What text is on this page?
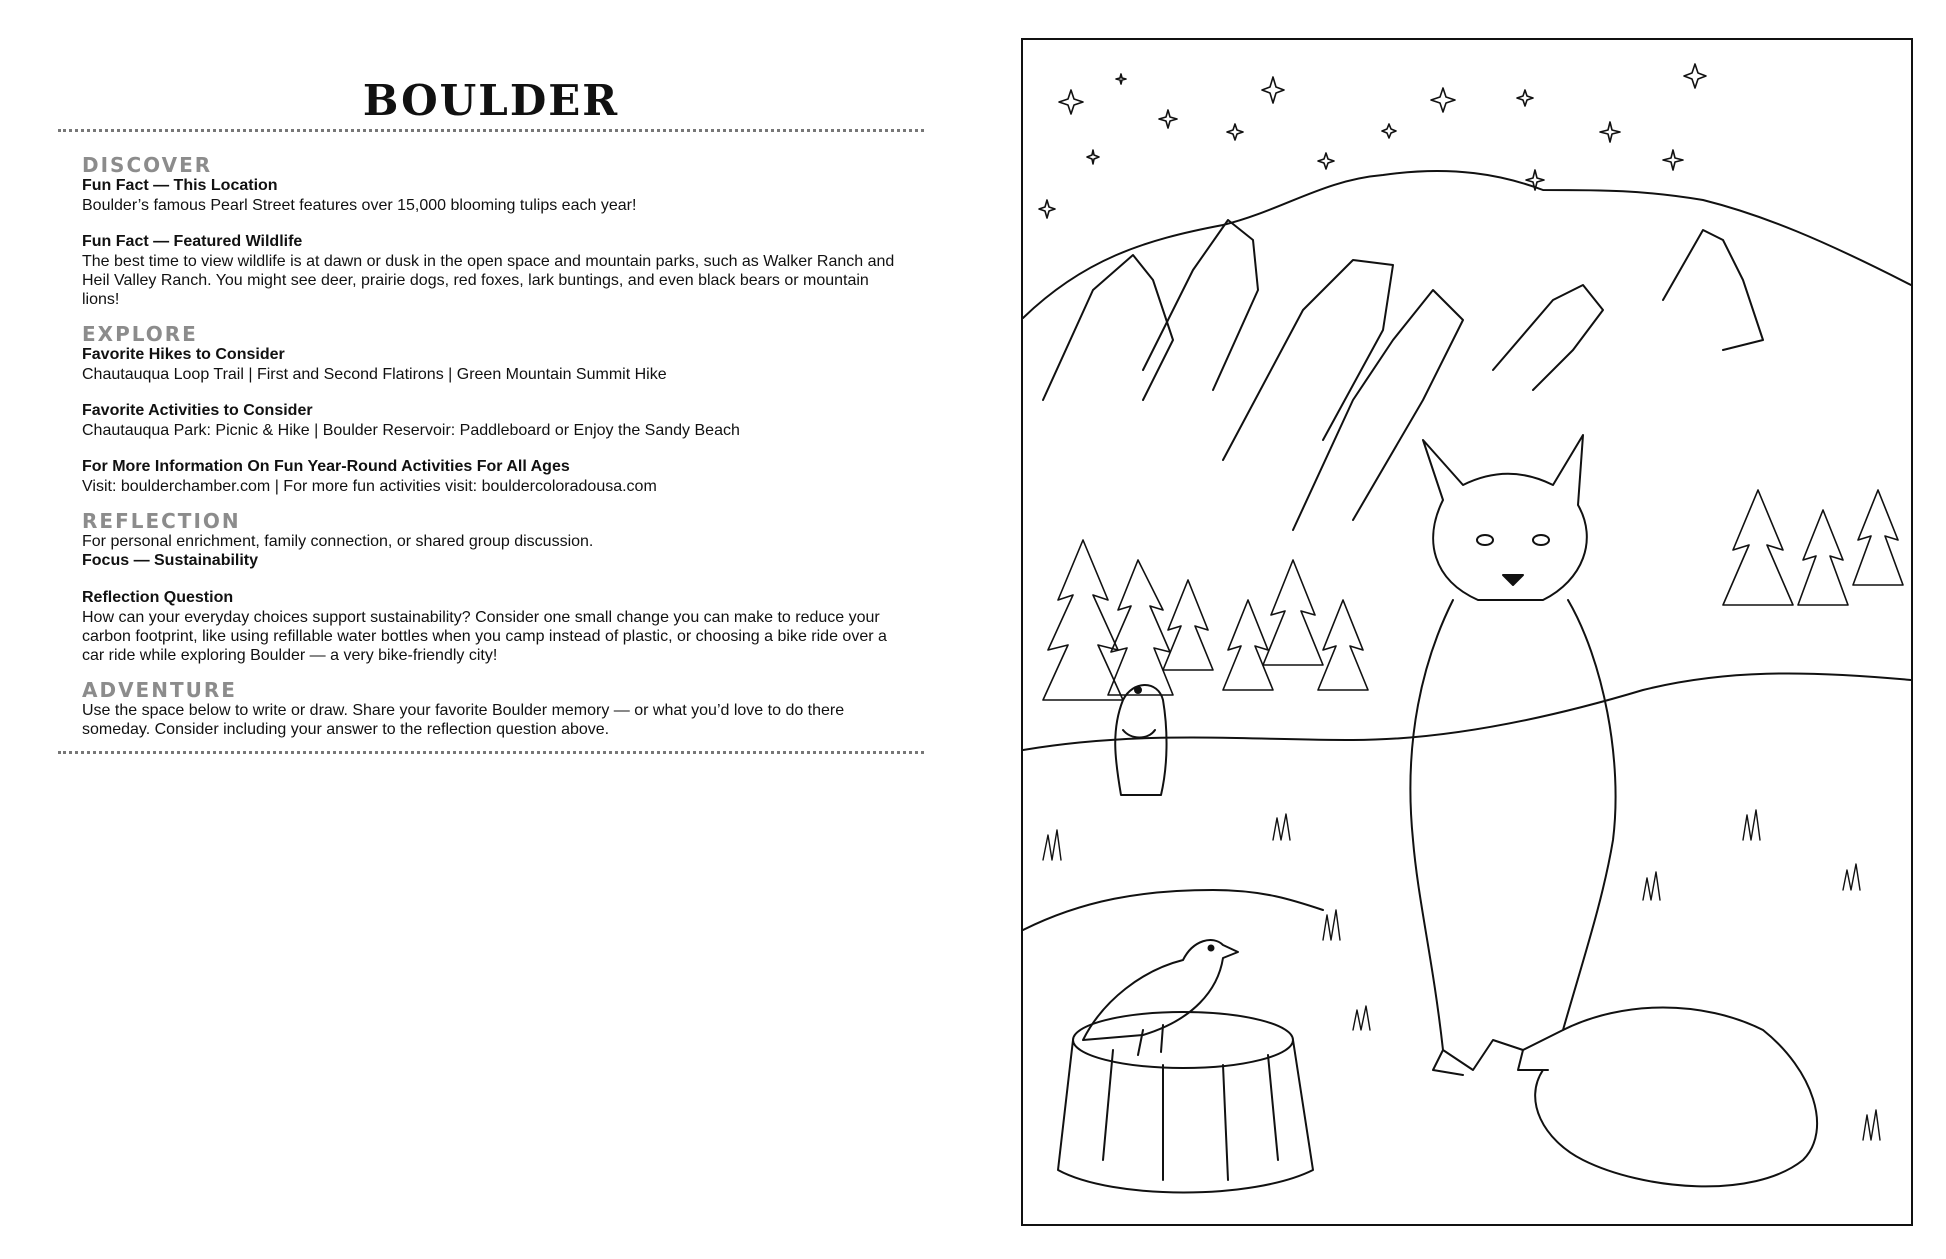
BOULDER
DISCOVER
Fun Fact — This Location
Boulder’s famous Pearl Street features over 15,000 blooming tulips each year!
Fun Fact — Featured Wildlife
The best time to view wildlife is at dawn or dusk in the open space and mountain parks, such as Walker Ranch and Heil Valley Ranch. You might see deer, prairie dogs, red foxes, lark buntings, and even black bears or mountain lions!
EXPLORE
Favorite Hikes to Consider
Chautauqua Loop Trail | First and Second Flatirons | Green Mountain Summit Hike
Favorite Activities to Consider
Chautauqua Park: Picnic & Hike | Boulder Reservoir: Paddleboard or Enjoy the Sandy Beach
For More Information On Fun Year-Round Activities For All Ages
Visit: boulderchamber.com | For more fun activities visit: bouldercoloradousa.com
REFLECTION
For personal enrichment, family connection, or shared group discussion.
Focus — Sustainability
Reflection Question
How can your everyday choices support sustainability? Consider one small change you can make to reduce your carbon footprint, like using refillable water bottles when you camp instead of plastic, or choosing a bike ride over a car ride while exploring Boulder — a very bike-friendly city!
ADVENTURE
Use the space below to write or draw. Share your favorite Boulder memory — or what you’d love to do there someday. Consider including your answer to the reflection question above.
